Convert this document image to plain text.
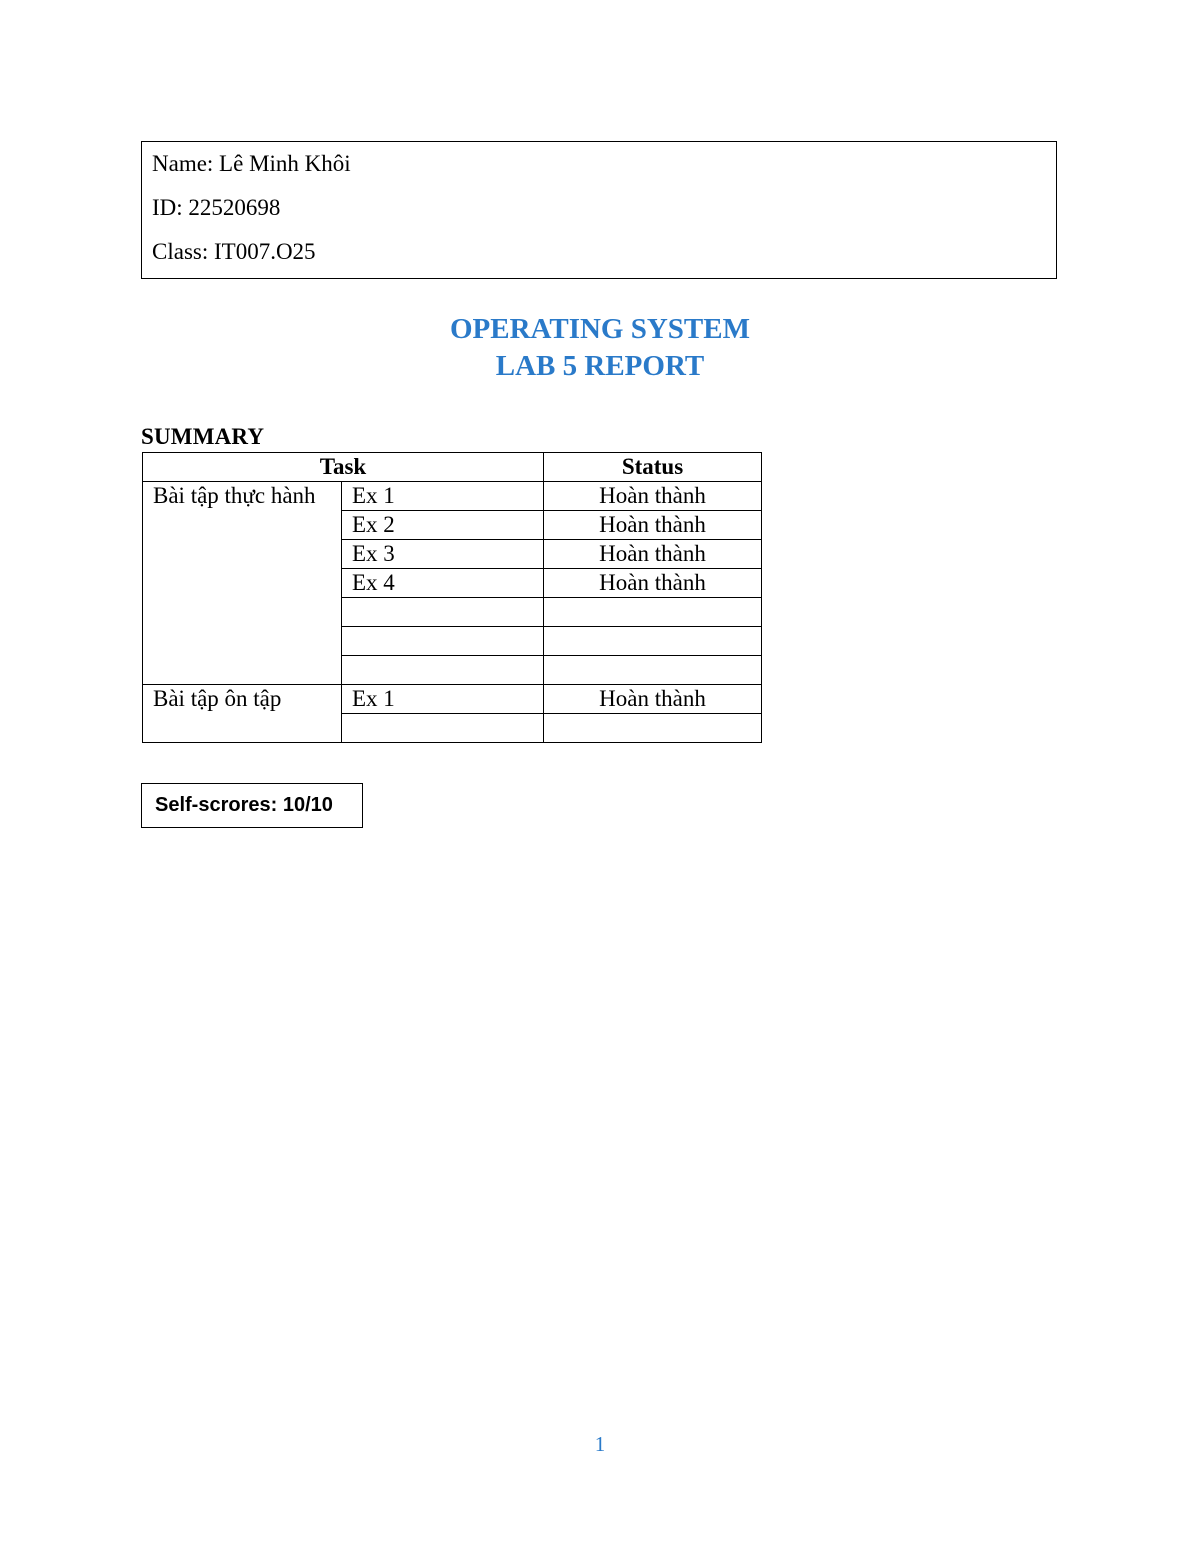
Name: Lê Minh Khôi
ID: 22520698
Class: IT007.O25
OPERATING SYSTEM
LAB 5 REPORT
SUMMARY
Task		Status
Bài tập thực hành	Ex 1	Hoàn thành
	Ex 2	Hoàn thành
	Ex 3	Hoàn thành
	Ex 4	Hoàn thành

Bài tập ôn tập	Ex 1	Hoàn thành

Self-scrores: 10/10
1
